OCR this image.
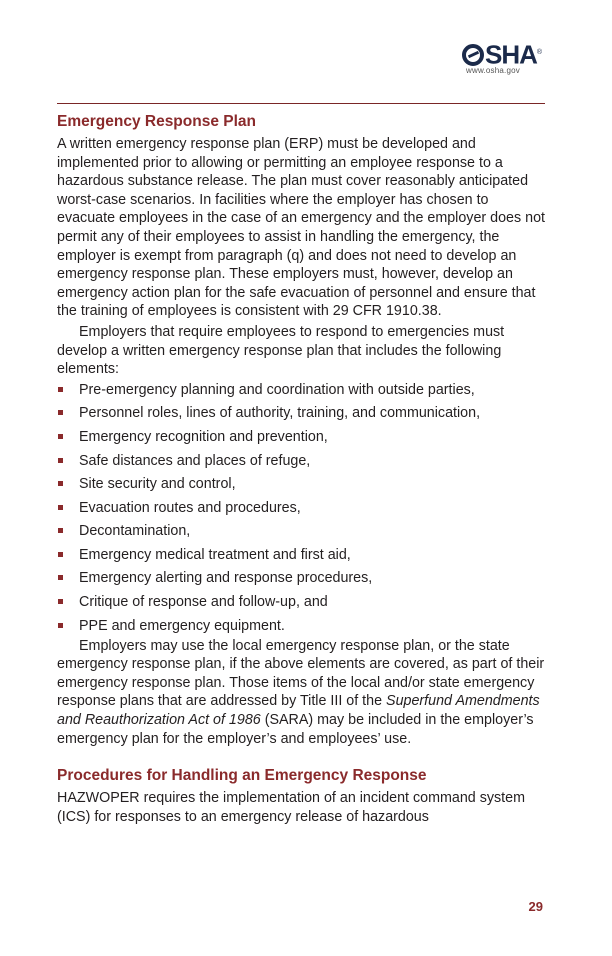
SHA®
www.osha.gov
Emergency Response Plan

A written emergency response plan (ERP) must be developed and implemented prior to allowing or permitting an employee response to a hazardous substance release. The plan must cover reasonably anticipated worst-case scenarios. In facilities where the employer has chosen to evacuate employees in the case of an emergency and the employer does not permit any of their employees to assist in handling the emergency, the employer is exempt from paragraph (q) and does not need to develop an emergency response plan. These employers must, however, develop an emergency action plan for the safe evacuation of personnel and ensure that the training of employees is consistent with 29 CFR 1910.38.

Employers that require employees to respond to emergencies must develop a written emergency response plan that includes the following elements:

Pre-emergency planning and coordination with outside parties,
Personnel roles, lines of authority, training, and communication,
Emergency recognition and prevention,
Safe distances and places of refuge,
Site security and control,
Evacuation routes and procedures,
Decontamination,
Emergency medical treatment and first aid,
Emergency alerting and response procedures,
Critique of response and follow-up, and
PPE and emergency equipment.

Employers may use the local emergency response plan, or the state emergency response plan, if the above elements are covered, as part of their emergency response plan. Those items of the local and/or state emergency response plans that are addressed by Title III of the Superfund Amendments and Reauthorization Act of 1986 (SARA) may be included in the employer’s emergency plan for the employer’s and employees’ use.

Procedures for Handling an Emergency Response

HAZWOPER requires the implementation of an incident command system (ICS) for responses to an emergency release of hazardous

29
